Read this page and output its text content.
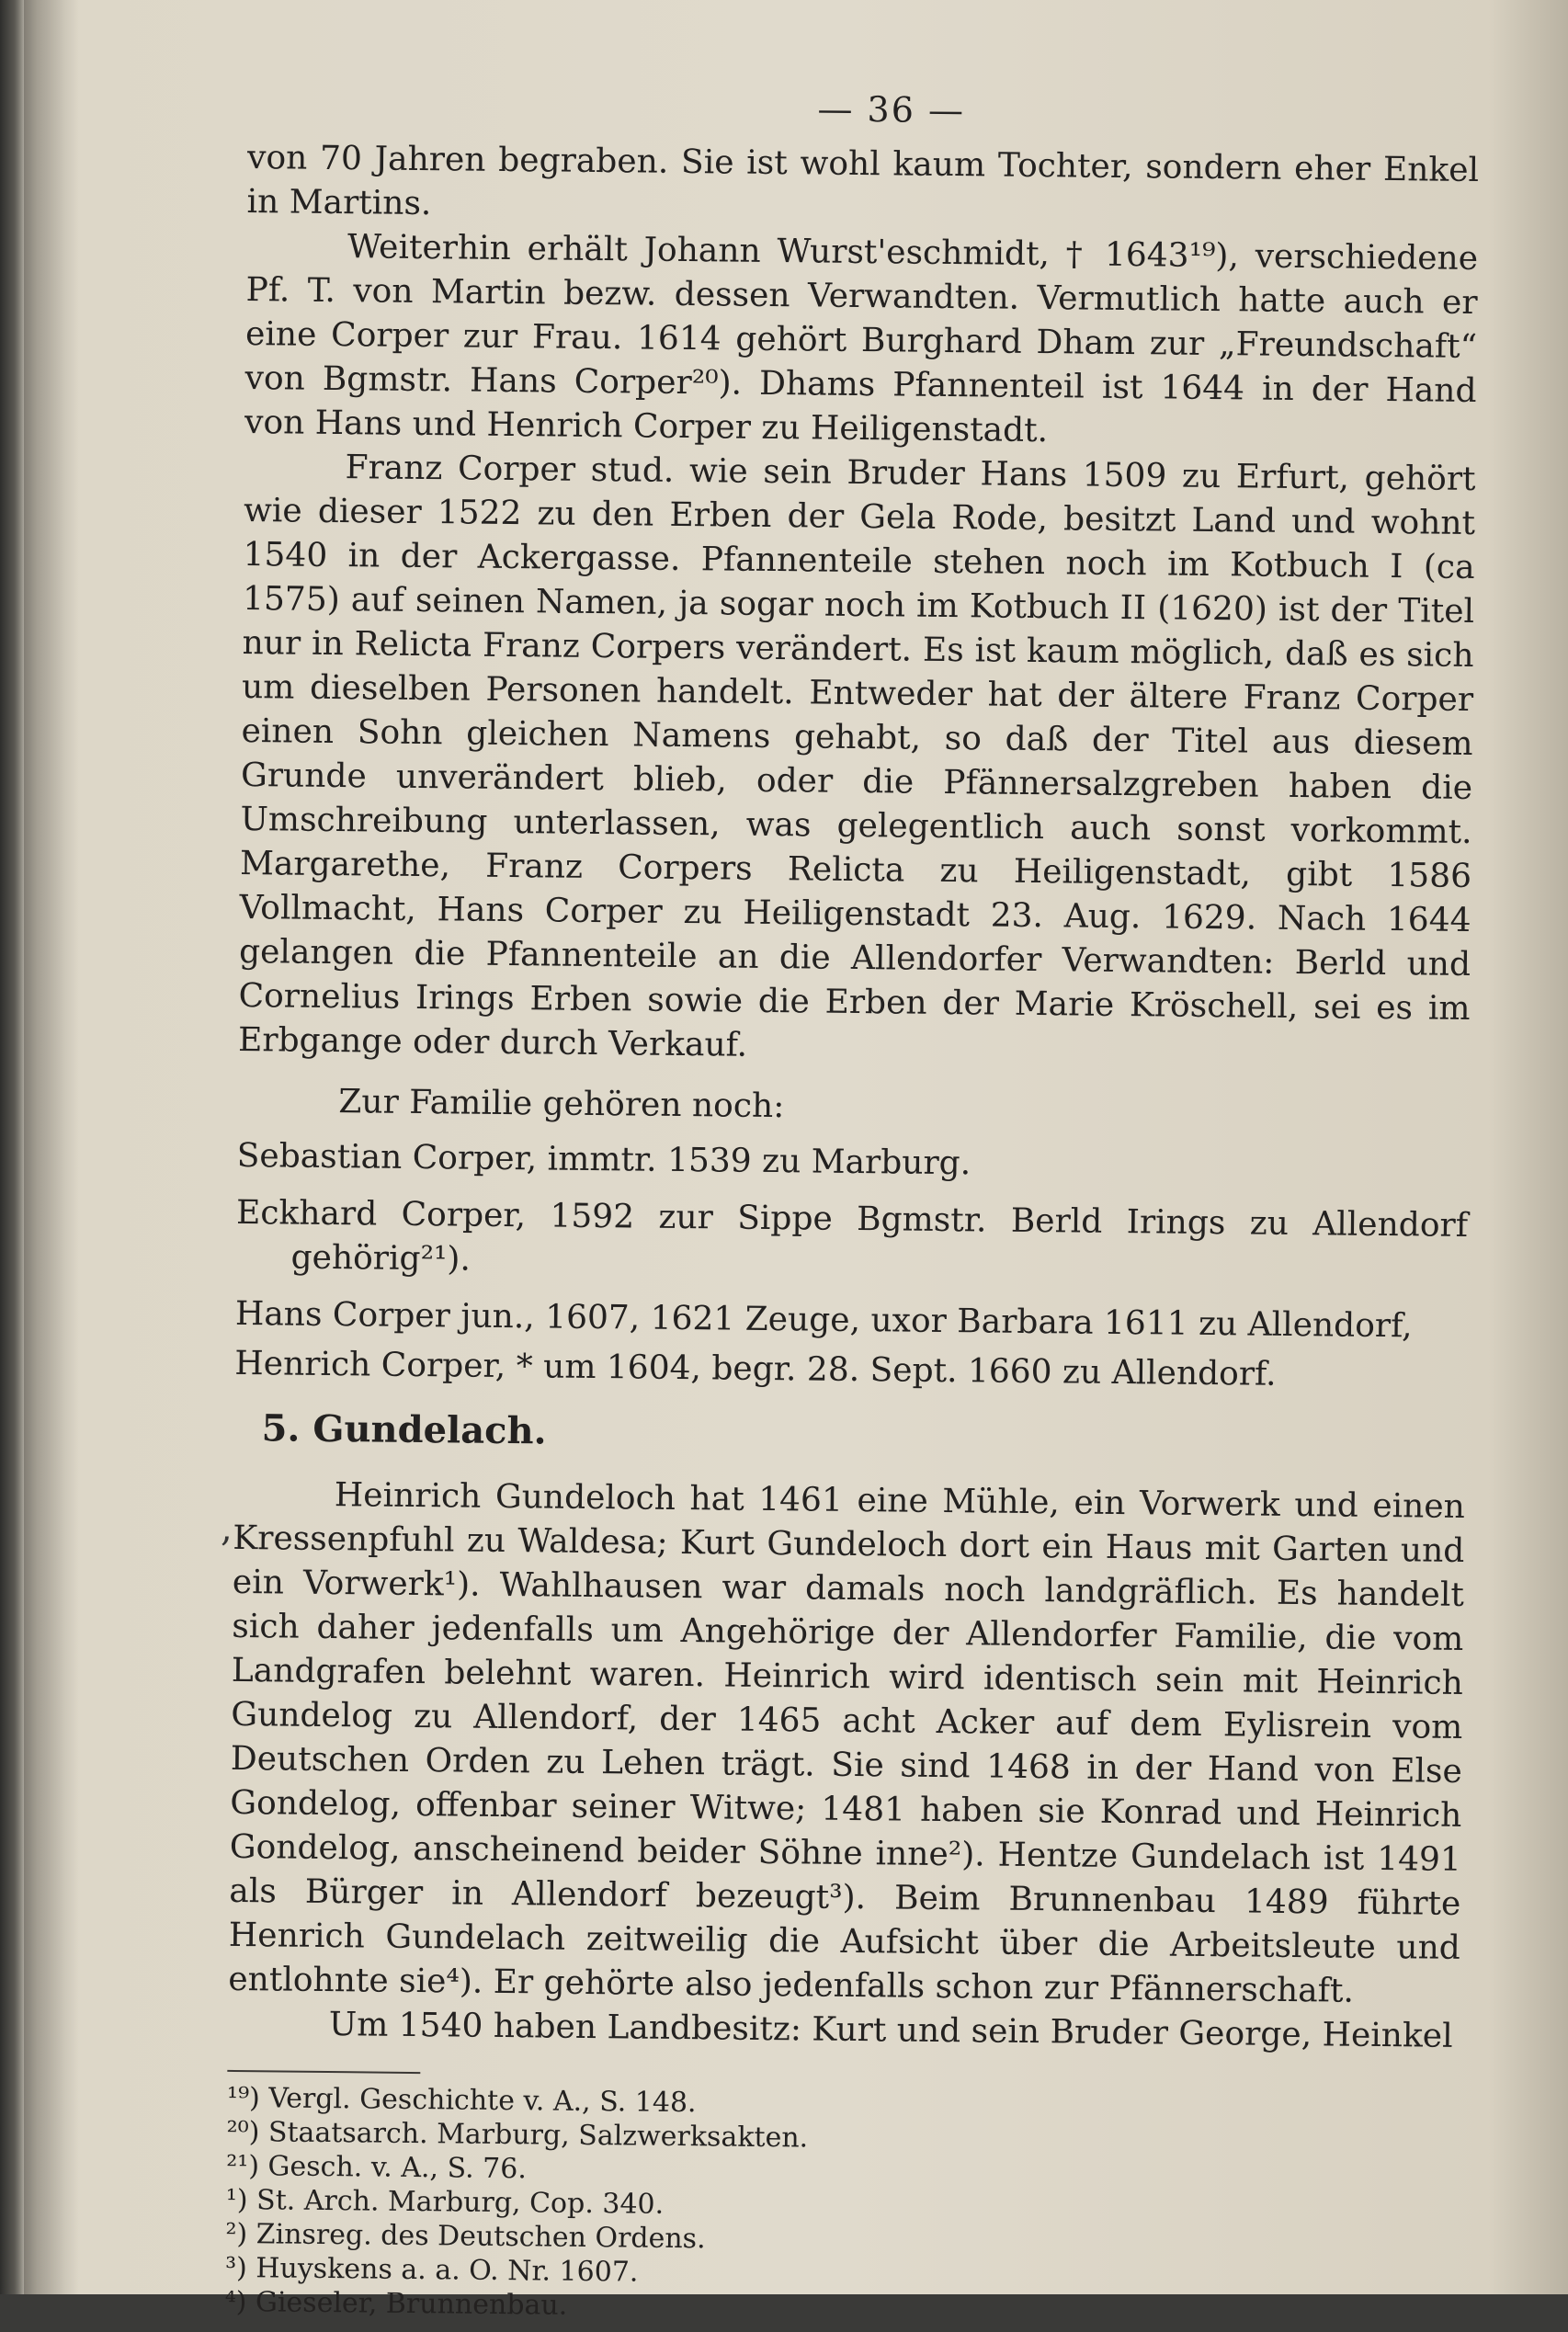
,
— 36 —

von 70 Jahren begraben. Sie ist wohl kaum Tochter, sondern eher Enkel in Martins.

Weiterhin erhält Johann Wurst'eschmidt, † 1643¹⁹), verschiedene Pf. T. von Martin bezw. dessen Verwandten. Vermutlich hatte auch er eine Corper zur Frau. 1614 gehört Burghard Dham zur „Freundschaft“ von Bgmstr. Hans Corper²⁰). Dhams Pfannenteil ist 1644 in der Hand von Hans und Henrich Corper zu Heiligenstadt.

Franz Corper stud. wie sein Bruder Hans 1509 zu Erfurt, gehört wie dieser 1522 zu den Erben der Gela Rode, besitzt Land und wohnt 1540 in der Ackergasse. Pfannenteile stehen noch im Kotbuch I (ca 1575) auf seinen Namen, ja sogar noch im Kotbuch II (1620) ist der Titel nur in Relicta Franz Corpers verändert. Es ist kaum möglich, daß es sich um dieselben Personen handelt. Entweder hat der ältere Franz Corper einen Sohn gleichen Namens gehabt, so daß der Titel aus diesem Grunde unverändert blieb, oder die Pfännersalzgreben haben die Umschreibung unterlassen, was gelegentlich auch sonst vorkommt. Margarethe, Franz Corpers Relicta zu Heiligenstadt, gibt 1586 Vollmacht, Hans Corper zu Heiligenstadt 23. Aug. 1629. Nach 1644 gelangen die Pfannenteile an die Allendorfer Verwandten: Berld und Cornelius Irings Erben sowie die Erben der Marie Kröschell, sei es im Erbgange oder durch Verkauf.

Zur Familie gehören noch:

Sebastian Corper, immtr. 1539 zu Marburg.

Eckhard Corper, 1592 zur Sippe Bgmstr. Berld Irings zu Allendorf gehörig²¹).

Hans Corper jun., 1607, 1621 Zeuge, uxor Barbara 1611 zu Allendorf,

Henrich Corper, * um 1604, begr. 28. Sept. 1660 zu Allendorf.

5. Gundelach.

Heinrich Gundeloch hat 1461 eine Mühle, ein Vorwerk und einen Kressenpfuhl zu Waldesa; Kurt Gundeloch dort ein Haus mit Garten und ein Vorwerk¹). Wahlhausen war damals noch landgräflich. Es handelt sich daher jedenfalls um Angehörige der Allendorfer Familie, die vom Landgrafen belehnt waren. Heinrich wird identisch sein mit Heinrich Gundelog zu Allendorf, der 1465 acht Acker auf dem Eylisrein vom Deutschen Orden zu Lehen trägt. Sie sind 1468 in der Hand von Else Gondelog, offenbar seiner Witwe; 1481 haben sie Konrad und Heinrich Gondelog, anscheinend beider Söhne inne²). Hentze Gundelach ist 1491 als Bürger in Allendorf bezeugt³). Beim Brunnenbau 1489 führte Henrich Gundelach zeitweilig die Aufsicht über die Arbeitsleute und entlohnte sie⁴). Er gehörte also jedenfalls schon zur Pfännerschaft.

Um 1540 haben Landbesitz: Kurt und sein Bruder George, Heinkel

¹⁹) Vergl. Geschichte v. A., S. 148.

²⁰) Staatsarch. Marburg, Salzwerksakten.

²¹) Gesch. v. A., S. 76.

¹) St. Arch. Marburg, Cop. 340.

²) Zinsreg. des Deutschen Ordens.

³) Huyskens a. a. O. Nr. 1607.

⁴) Gieseler, Brunnenbau.
